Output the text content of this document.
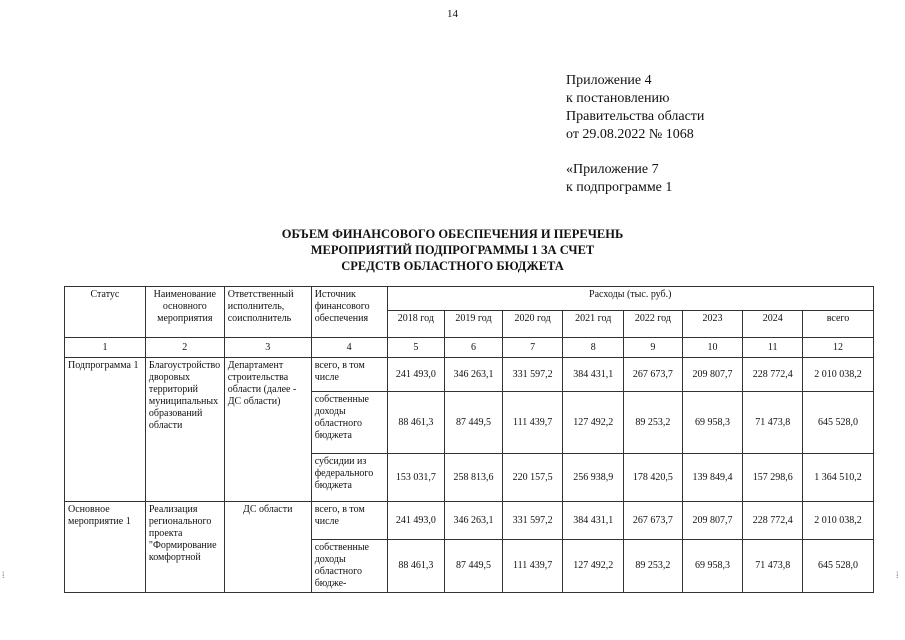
14
Приложение 4
к постановлению
Правительства области
от 29.08.2022 № 1068
«Приложение 7
к подпрограмме 1
ОБЪЕМ ФИНАНСОВОГО ОБЕСПЕЧЕНИЯ И ПЕРЕЧЕНЬ
МЕРОПРИЯТИЙ ПОДПРОГРАММЫ 1 ЗА СЧЕТ
СРЕДСТВ ОБЛАСТНОГО БЮДЖЕТА
Статус	Наименование основного мероприятия	Ответственный исполнитель, соисполнитель	Источник финансового обеспечения	Расходы (тыс. руб.)							
				2018 год	2019 год	2020 год	2021 год	2022 год	2023	2024	всего
1	2	3	4	5	6	7	8	9	10	11	12
Подпрограмма 1	Благоустройство дворовых территорий муниципальных образований области	Департамент строительства области (далее - ДС области)	всего, в том числе	241 493,0	346 263,1	331 597,2	384 431,1	267 673,7	209 807,7	228 772,4	2 010 038,2
			собственные доходы областного бюджета	88 461,3	87 449,5	111 439,7	127 492,2	89 253,2	69 958,3	71 473,8	645 528,0
			субсидии из федерального бюджета	153 031,7	258 813,6	220 157,5	256 938,9	178 420,5	139 849,4	157 298,6	1 364 510,2
Основное мероприятие 1	Реализация регионального проекта "Формирование комфортной	ДС области	всего, в том числе	241 493,0	346 263,1	331 597,2	384 431,1	267 673,7	209 807,7	228 772,4	2 010 038,2
			собственные доходы областного бюдже-	88 461,3	87 449,5	111 439,7	127 492,2	89 253,2	69 958,3	71 473,8	645 528,0
⁞	⁞
